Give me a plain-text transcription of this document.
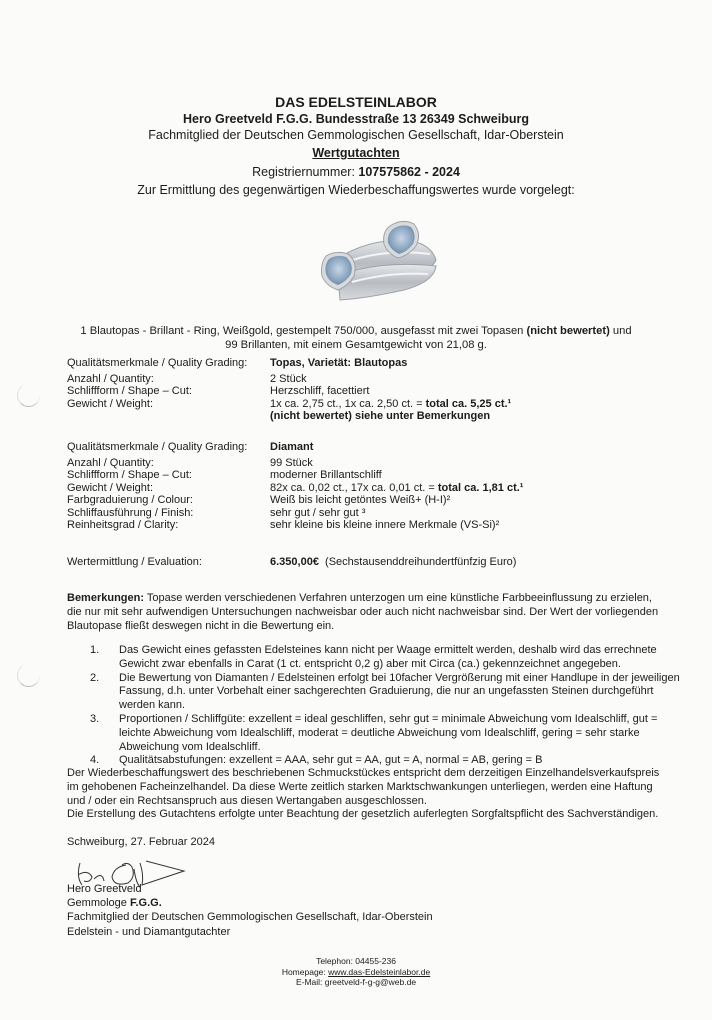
DAS EDELSTEINLABOR
Hero Greetveld F.G.G. Bundesstraße 13 26349 Schweiburg
Fachmitglied der Deutschen Gemmologischen Gesellschaft, Idar-Oberstein
Wertgutachten
Registriernummer: 107575862 - 2024
Zur Ermittlung des gegenwärtigen Wiederbeschaffungswertes wurde vorgelegt:
1 Blautopas - Brillant - Ring, Weißgold, gestempelt 750/000, ausgefasst mit zwei Topasen (nicht bewertet) und
99 Brillanten, mit einem Gesamtgewicht von 21,08 g.
Qualitätsmerkmale / Quality Grading:	Topas, Varietät: Blautopas
Anzahl / Quantity:	2 Stück
Schliffform / Shape – Cut:	Herzschliff, facettiert
Gewicht / Weight:	1x ca. 2,75 ct., 1x ca. 2,50 ct. = total ca. 5,25 ct.¹
(nicht bewertet) siehe unter Bemerkungen
Qualitätsmerkmale / Quality Grading:	Diamant
Anzahl / Quantity:	99 Stück
Schliffform / Shape – Cut:	moderner Brillantschliff
Gewicht / Weight:	82x ca. 0,02 ct., 17x ca. 0,01 ct. = total ca. 1,81 ct.¹
Farbgraduierung / Colour:	Weiß bis leicht getöntes Weiß+ (H-I)²
Schliffausführung / Finish:	sehr gut / sehr gut ³
Reinheitsgrad / Clarity:	sehr kleine bis kleine innere Merkmale (VS-Si)²
Wertermittlung / Evaluation:	6.350,00€  (Sechstausenddreihundertfünfzig Euro)
Bemerkungen: Topase werden verschiedenen Verfahren unterzogen um eine künstliche Farbbeeinflussung zu erzielen, die nur mit sehr aufwendigen Untersuchungen nachweisbar oder auch nicht nachweisbar sind. Der Wert der vorliegenden Blautopase fließt deswegen nicht in die Bewertung ein.
1.	Das Gewicht eines gefassten Edelsteines kann nicht per Waage ermittelt werden, deshalb wird das errechnete Gewicht zwar ebenfalls in Carat (1 ct. entspricht 0,2 g) aber mit Circa (ca.) gekennzeichnet angegeben.
2.	Die Bewertung von Diamanten / Edelsteinen erfolgt bei 10facher Vergrößerung mit einer Handlupe in der jeweiligen Fassung, d.h. unter Vorbehalt einer sachgerechten Graduierung, die nur an ungefassten Steinen durchgeführt werden kann.
3.	Proportionen / Schliffgüte: exzellent = ideal geschliffen, sehr gut = minimale Abweichung vom Idealschliff, gut = leichte Abweichung vom Idealschliff, moderat = deutliche Abweichung vom Idealschliff, gering = sehr starke Abweichung vom Idealschliff.
4.	Qualitätsabstufungen: exzellent = AAA, sehr gut = AA, gut = A, normal = AB, gering = B
Der Wiederbeschaffungswert des beschriebenen Schmuckstückes entspricht dem derzeitigen Einzelhandelsverkaufspreis im gehobenen Facheinzelhandel. Da diese Werte zeitlich starken Marktschwankungen unterliegen, werden eine Haftung und / oder ein Rechtsanspruch aus diesen Wertangaben ausgeschlossen.
Die Erstellung des Gutachtens erfolgte unter Beachtung der gesetzlich auferlegten Sorgfaltspflicht des Sachverständigen.
Schweiburg, 27. Februar 2024
Hero Greetveld
Gemmologe F.G.G.
Fachmitglied der Deutschen Gemmologischen Gesellschaft, Idar-Oberstein
Edelstein - und Diamantgutachter
Telephon: 04455-236
Homepage: www.das-Edelsteinlabor.de
E-Mail: greetveld-f-g-g@web.de
